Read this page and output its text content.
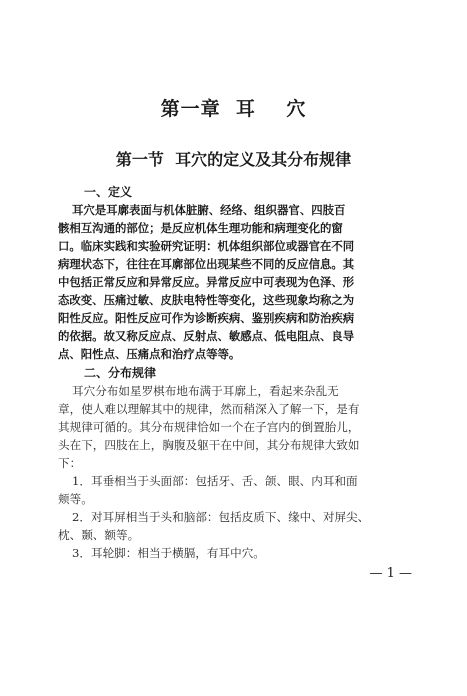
第一章  耳    穴
第一节  耳穴的定义及其分布规律
一、定义
耳穴是耳廓表面与机体脏腑、经络、组织器官、四肢百
骸相互沟通的部位；是反应机体生理功能和病理变化的窗
口。临床实践和实验研究证明：机体组织部位或器官在不同
病理状态下，往往在耳廓部位出现某些不同的反应信息。其
中包括正常反应和异常反应。异常反应中可表现为色泽、形
态改变、压痛过敏、皮肤电特性等变化，这些现象均称之为
阳性反应。阳性反应可作为诊断疾病、鉴别疾病和防治疾病
的依据。故又称反应点、反射点、敏感点、低电阻点、良导
点、阳性点、压痛点和治疗点等等。
二、分布规律
耳穴分布如星罗棋布地布满于耳廓上，看起来杂乱无
章，使人难以理解其中的规律，然而稍深入了解一下，是有
其规律可循的。其分布规律恰如一个在子宫内的倒置胎儿，
头在下，四肢在上，胸腹及躯干在中间，其分布规律大致如
下：
1．耳垂相当于头面部：包括牙、舌、颌、眼、内耳和面
颊等。
2．对耳屏相当于头和脑部：包括皮质下、缘中、对屏尖、
枕、颞、额等。
3．耳轮脚：相当于横膈，有耳中穴。
— 1 —
